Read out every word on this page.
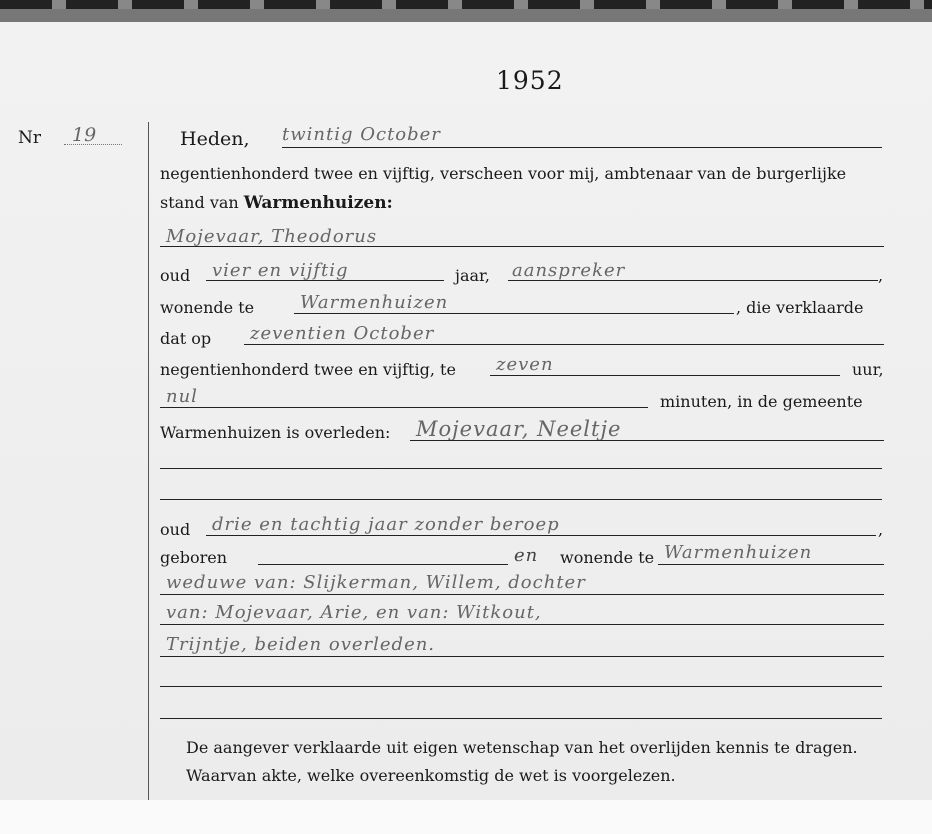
1952
Nr 19	Heden, twintig October
negentienhonderd twee en vijftig, verscheen voor mij, ambtenaar van de burgerlijke
stand van Warmenhuizen:
Mojevaar, Theodorus
oud vier en vijftig	jaar, aanspreker	,
wonende te	Warmenhuizen	, die verklaarde
dat op zeventien October
negentienhonderd twee en vijftig, te zeven	uur,
nul	minuten, in de gemeente
Warmenhuizen is overleden: Mojevaar, Neeltje
oud drie en tachtig jaar zonder beroep	,
geboren	en wonende te Warmenhuizen
weduwe van: Slijkerman, Willem, dochter
van: Mojevaar, Arie, en van: Witkout,
Trijntje, beiden overleden.
De aangever verklaarde uit eigen wetenschap van het overlijden kennis te dragen.
Waarvan akte, welke overeenkomstig de wet is voorgelezen.
